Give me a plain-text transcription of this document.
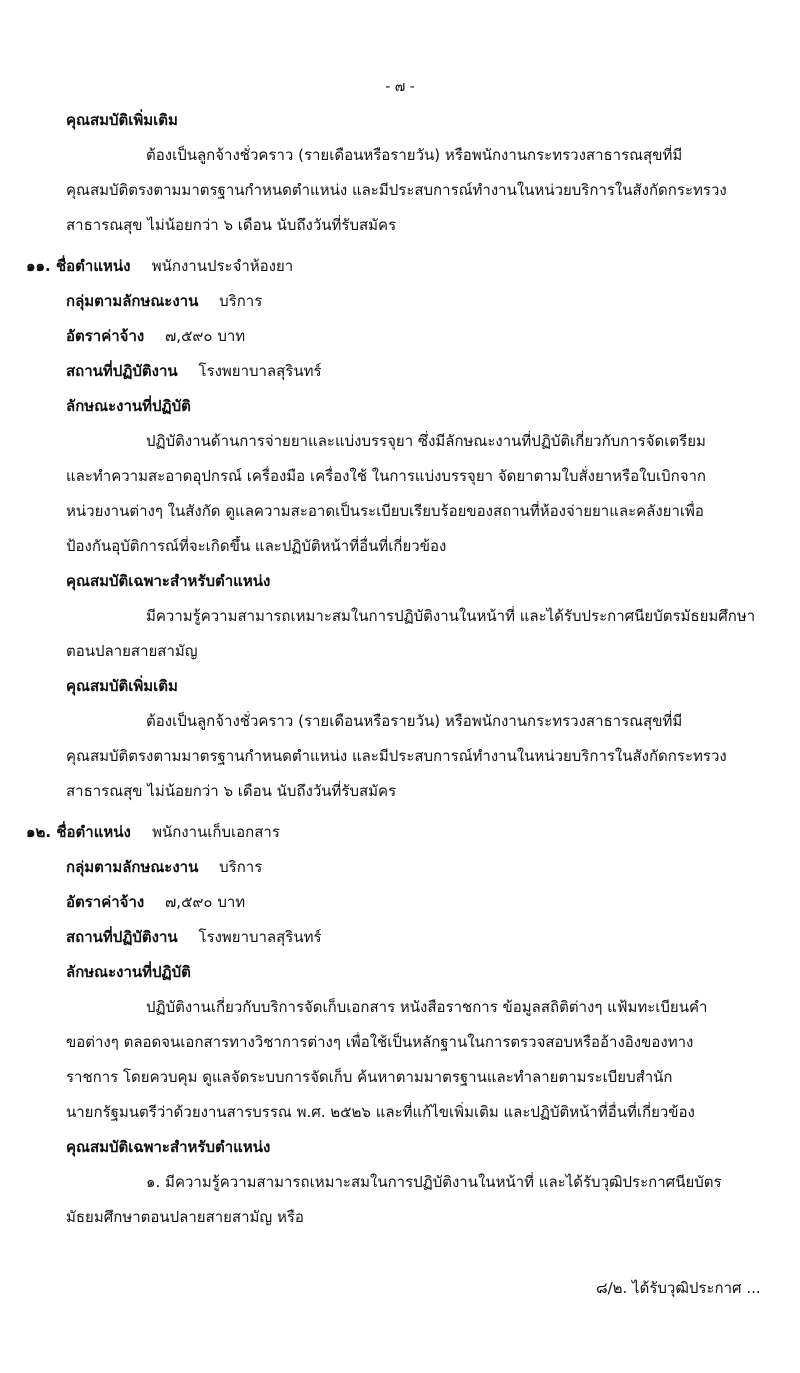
- ๗ -
คุณสมบัติเพิ่มเติม
ต้องเป็นลูกจ้างชั่วคราว (รายเดือนหรือรายวัน) หรือพนักงานกระทรวงสาธารณสุขที่มี
คุณสมบัติตรงตามมาตรฐานกำหนดตำแหน่ง และมีประสบการณ์ทำงานในหน่วยบริการในสังกัดกระทรวง
สาธารณสุข ไม่น้อยกว่า ๖ เดือน นับถึงวันที่รับสมัคร
๑๑. ชื่อตำแหน่ง พนักงานประจำห้องยา
กลุ่มตามลักษณะงาน บริการ
อัตราค่าจ้าง ๗,๕๙๐ บาท
สถานที่ปฏิบัติงาน โรงพยาบาลสุรินทร์
ลักษณะงานที่ปฏิบัติ
ปฏิบัติงานด้านการจ่ายยาและแบ่งบรรจุยา ซึ่งมีลักษณะงานที่ปฏิบัติเกี่ยวกับการจัดเตรียม
และทำความสะอาดอุปกรณ์ เครื่องมือ เครื่องใช้ ในการแบ่งบรรจุยา จัดยาตามใบสั่งยาหรือใบเบิกจาก
หน่วยงานต่างๆ ในสังกัด ดูแลความสะอาดเป็นระเบียบเรียบร้อยของสถานที่ห้องจ่ายยาและคลังยาเพื่อ
ป้องกันอุบัติการณ์ที่จะเกิดขึ้น และปฏิบัติหน้าที่อื่นที่เกี่ยวข้อง
คุณสมบัติเฉพาะสำหรับตำแหน่ง
มีความรู้ความสามารถเหมาะสมในการปฏิบัติงานในหน้าที่ และได้รับประกาศนียบัตรมัธยมศึกษา
ตอนปลายสายสามัญ
คุณสมบัติเพิ่มเติม
ต้องเป็นลูกจ้างชั่วคราว (รายเดือนหรือรายวัน) หรือพนักงานกระทรวงสาธารณสุขที่มี
คุณสมบัติตรงตามมาตรฐานกำหนดตำแหน่ง และมีประสบการณ์ทำงานในหน่วยบริการในสังกัดกระทรวง
สาธารณสุข ไม่น้อยกว่า ๖ เดือน นับถึงวันที่รับสมัคร
๑๒. ชื่อตำแหน่ง พนักงานเก็บเอกสาร
กลุ่มตามลักษณะงาน บริการ
อัตราค่าจ้าง ๗,๕๙๐ บาท
สถานที่ปฏิบัติงาน โรงพยาบาลสุรินทร์
ลักษณะงานที่ปฏิบัติ
ปฏิบัติงานเกี่ยวกับบริการจัดเก็บเอกสาร หนังสือราชการ ข้อมูลสถิติต่างๆ แฟ้มทะเบียนคำ
ขอต่างๆ ตลอดจนเอกสารทางวิชาการต่างๆ เพื่อใช้เป็นหลักฐานในการตรวจสอบหรืออ้างอิงของทาง
ราชการ โดยควบคุม ดูแลจัดระบบการจัดเก็บ ค้นหาตามมาตรฐานและทำลายตามระเบียบสำนัก
นายกรัฐมนตรีว่าด้วยงานสารบรรณ พ.ศ. ๒๕๒๖ และที่แก้ไขเพิ่มเติม และปฏิบัติหน้าที่อื่นที่เกี่ยวข้อง
คุณสมบัติเฉพาะสำหรับตำแหน่ง
๑. มีความรู้ความสามารถเหมาะสมในการปฏิบัติงานในหน้าที่ และได้รับวุฒิประกาศนียบัตร
มัธยมศึกษาตอนปลายสายสามัญ หรือ
๘/๒. ได้รับวุฒิประกาศ ...
